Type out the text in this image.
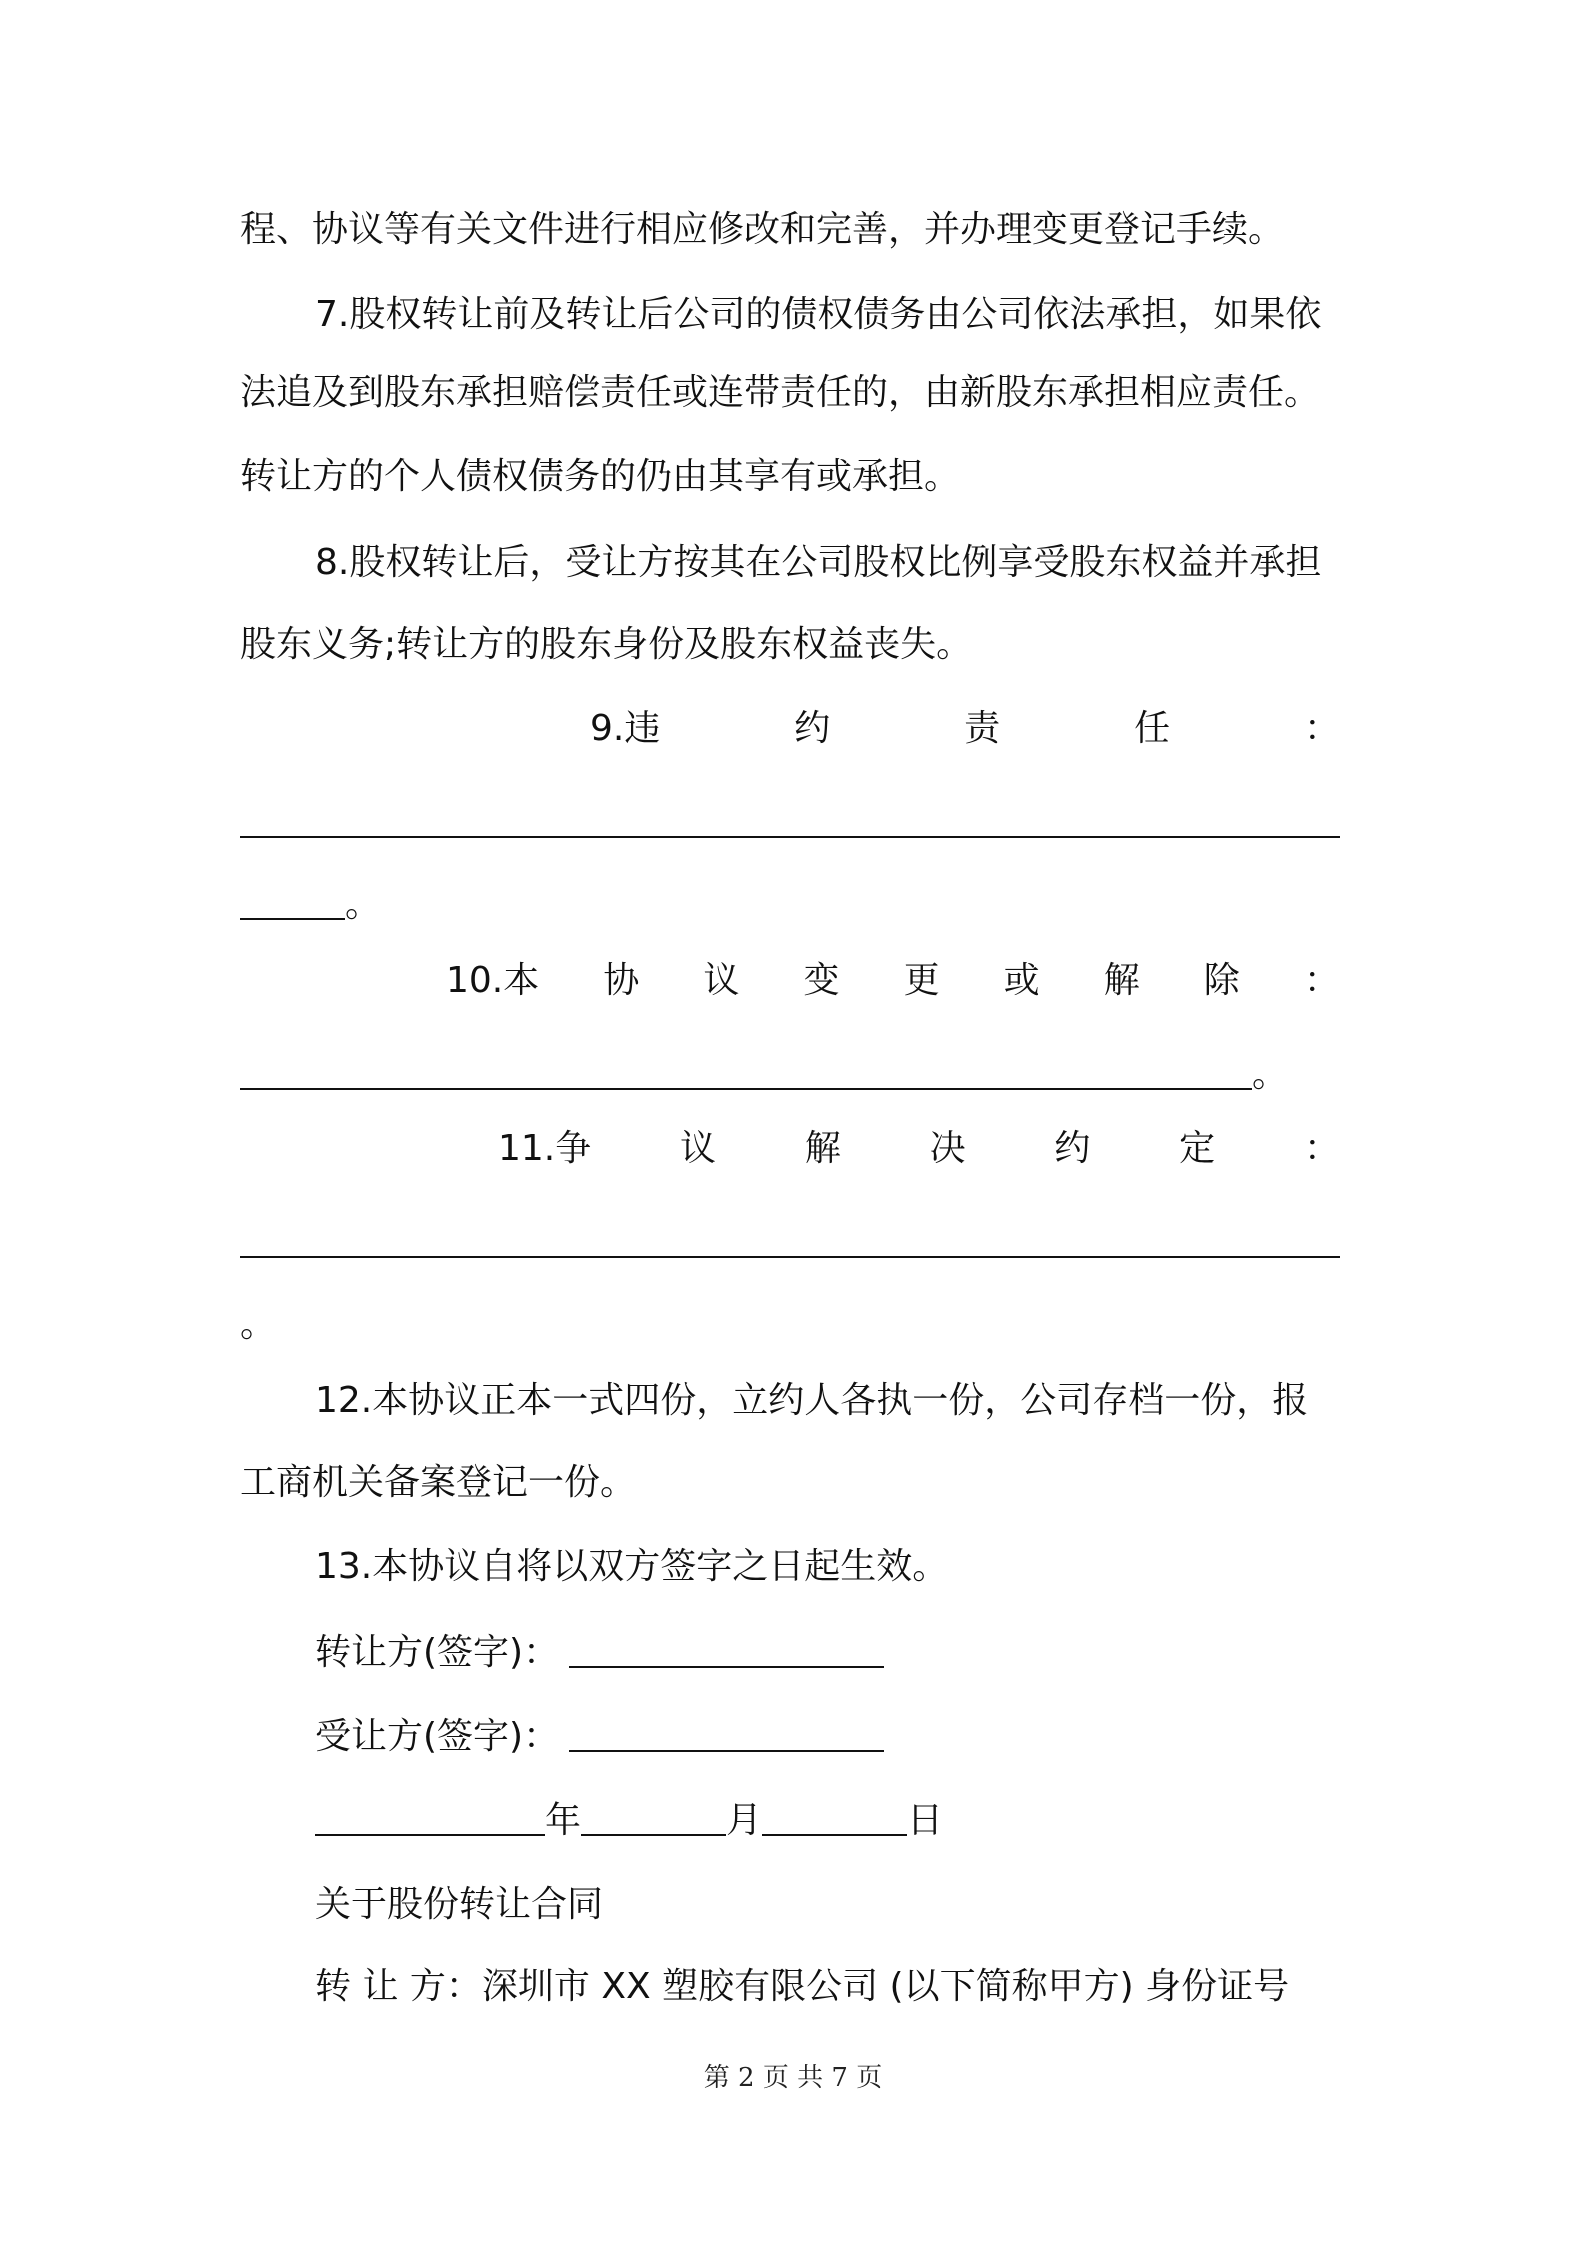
程、协议等有关文件进行相应修改和完善，并办理变更登记手续。
7.股权转让前及转让后公司的债权债务由公司依法承担，如果依
法追及到股东承担赔偿责任或连带责任的，由新股东承担相应责任。
转让方的个人债权债务的仍由其享有或承担。
8.股权转让后，受让方按其在公司股权比例享受股东权益并承担
股东义务;转让方的股东身份及股东权益丧失。
9.违	约	责	任	：
。
10.本 协 议 变 更 或 解 除 ：
。
11.争 议 解 决 约 定 ：
。
12.本协议正本一式四份，立约人各执一份，公司存档一份，报
工商机关备案登记一份。
13.本协议自将以双方签字之日起生效。
转让方(签字)：
受让方(签字)：
年	月	日
关于股份转让合同
转 让 方：深圳市 XX 塑胶有限公司 (以下简称甲方) 身份证号
第 2 页 共 7 页
